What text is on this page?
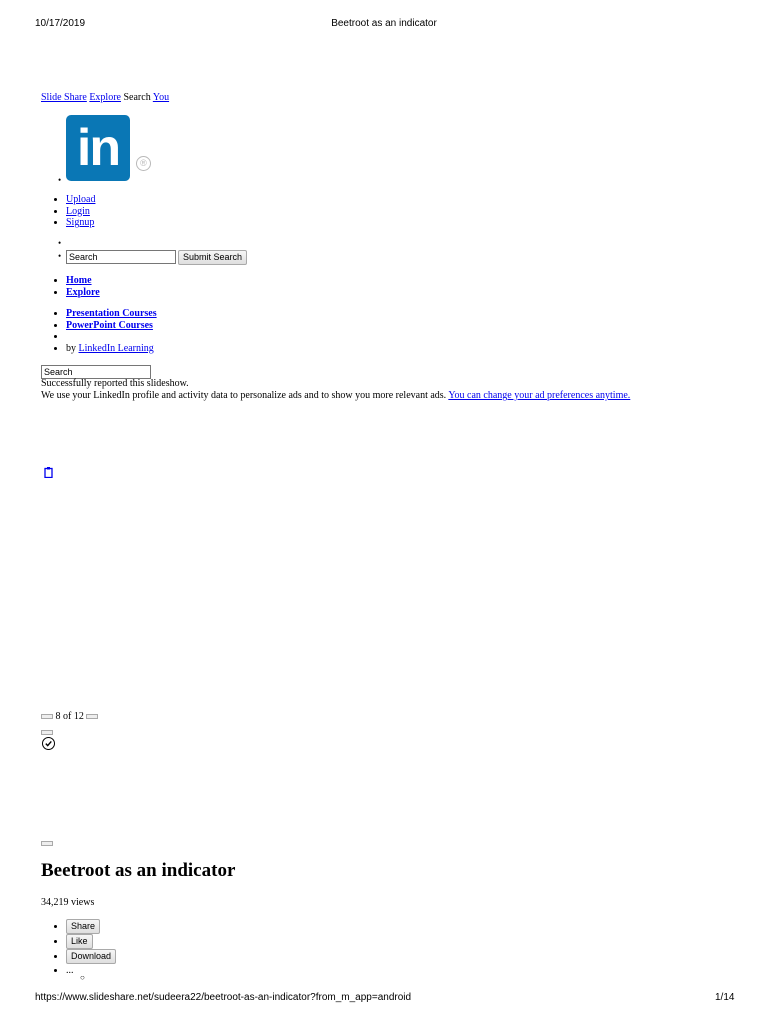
10/17/2019	Beetroot as an indicator
Slide Share Explore Search You
•
in	®
• Upload
• Login
• Signup
•
• Search	Submit Search
• Home
• Explore
• Presentation Courses
• PowerPoint Courses
•
• by LinkedIn Learning
Search
Successfully reported this slideshow.
We use your LinkedIn profile and activity data to personalize ads and to show you more relevant ads. You can change your ad preferences anytime.
8 of 12
Beetroot as an indicator
34,219 views
• Share
• Like
• Download
• ...
○
https://www.slideshare.net/sudeera22/beetroot-as-an-indicator?from_m_app=android	1/14
